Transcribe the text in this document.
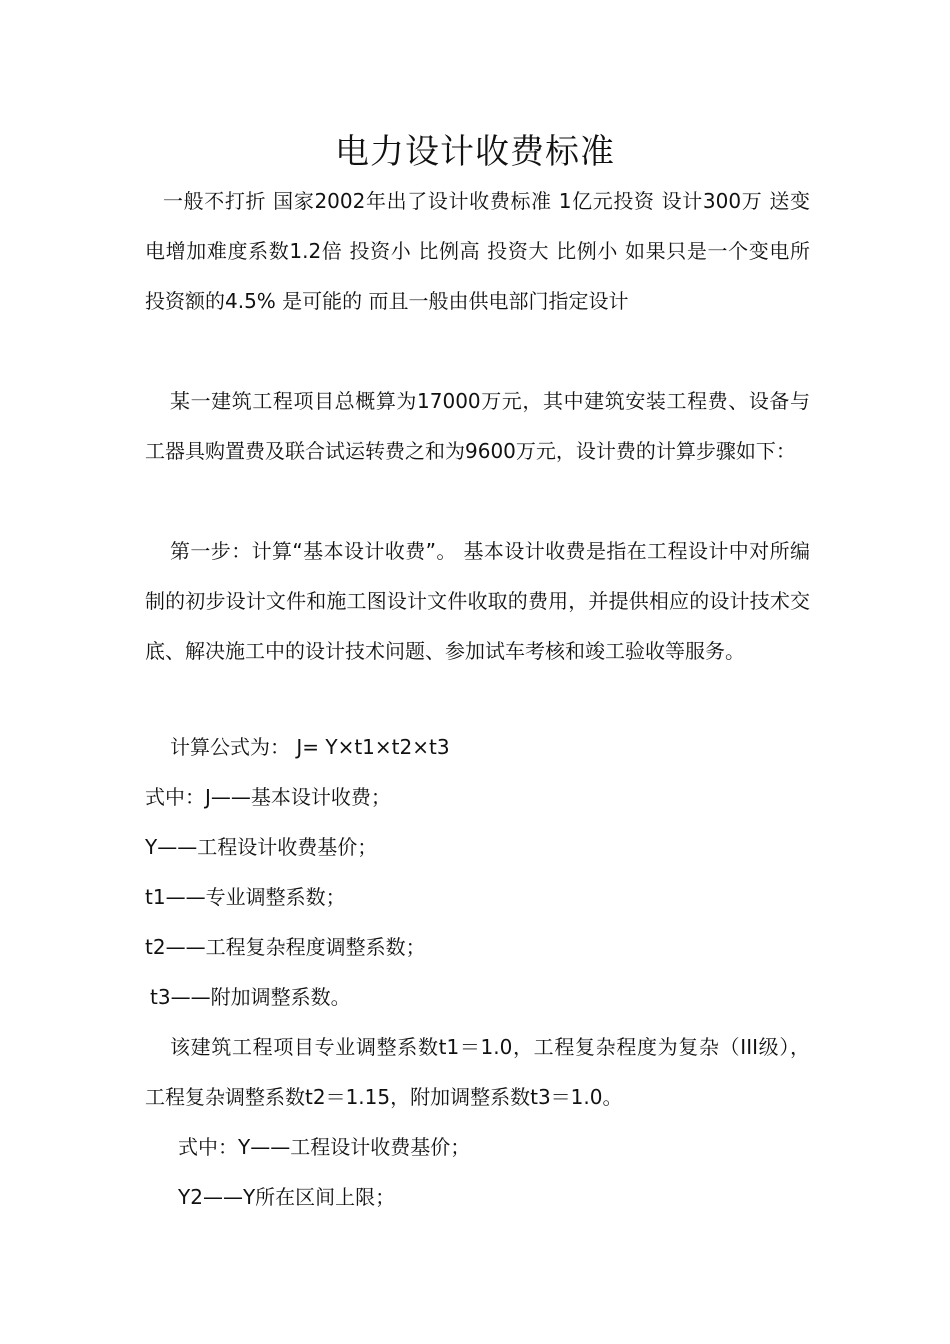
电力设计收费标准

一般不打折 国家2002年出了设计收费标准 1亿元投资 设计300万 送变电增加难度系数1.2倍 投资小 比例高 投资大 比例小 如果只是一个变电所 投资额的4.5% 是可能的 而且一般由供电部门指定设计

某一建筑工程项目总概算为17000万元，其中建筑安装工程费、设备与工器具购置费及联合试运转费之和为9600万元，设计费的计算步骤如下：

第一步：计算“基本设计收费”。 基本设计收费是指在工程设计中对所编制的初步设计文件和施工图设计文件收取的费用，并提供相应的设计技术交底、解决施工中的设计技术问题、参加试车考核和竣工验收等服务。

计算公式为： J= Y×t1×t2×t3

式中：J——基本设计收费；

Y——工程设计收费基价；

t1——专业调整系数；

t2——工程复杂程度调整系数；

t3——附加调整系数。

该建筑工程项目专业调整系数t1＝1.0，工程复杂程度为复杂（III级），工程复杂调整系数t2＝1.15，附加调整系数t3＝1.0。

式中：Y——工程设计收费基价；

Y2——Y所在区间上限；
